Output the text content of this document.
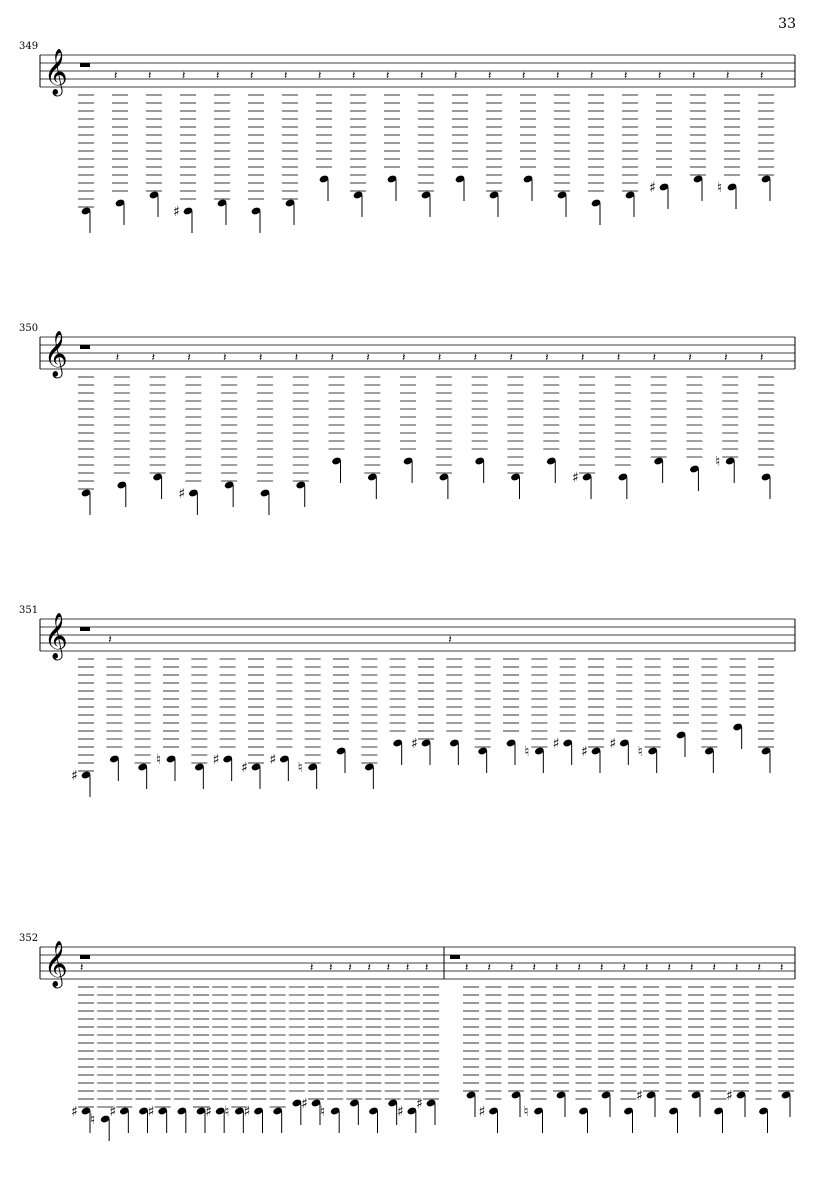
33
349
𝄞	𝄽	𝄽	𝄽
♯
𝄽	𝄽	𝄽	𝄽	𝄽	𝄽	𝄽	𝄽	𝄽	𝄽	𝄽	𝄽	𝄽	𝄽
♯
𝄽	𝄽
♮
𝄽
350
𝄞	𝄽	𝄽	𝄽
♯
𝄽	𝄽	𝄽	𝄽	𝄽	𝄽	𝄽	𝄽	𝄽	𝄽	𝄽
♯
𝄽	𝄽	𝄽	𝄽
♮
𝄽
351
𝄞
♯
𝄽
♮	♯ ♯ ♯ ♮
♯
𝄽
♮ ♯ ♯ ♯ ♮
352
𝄞 𝄽
♯ ♮ ♯ ♯	♯ ♮ ♯
𝄽
♯
𝄽
♮
𝄽 𝄽 𝄽 𝄽
♯
𝄽
♯
𝄽 𝄽
♯
𝄽 𝄽
♮
𝄽 𝄽 𝄽 𝄽 𝄽
♯
𝄽 𝄽 𝄽 𝄽
♯
𝄽 𝄽
